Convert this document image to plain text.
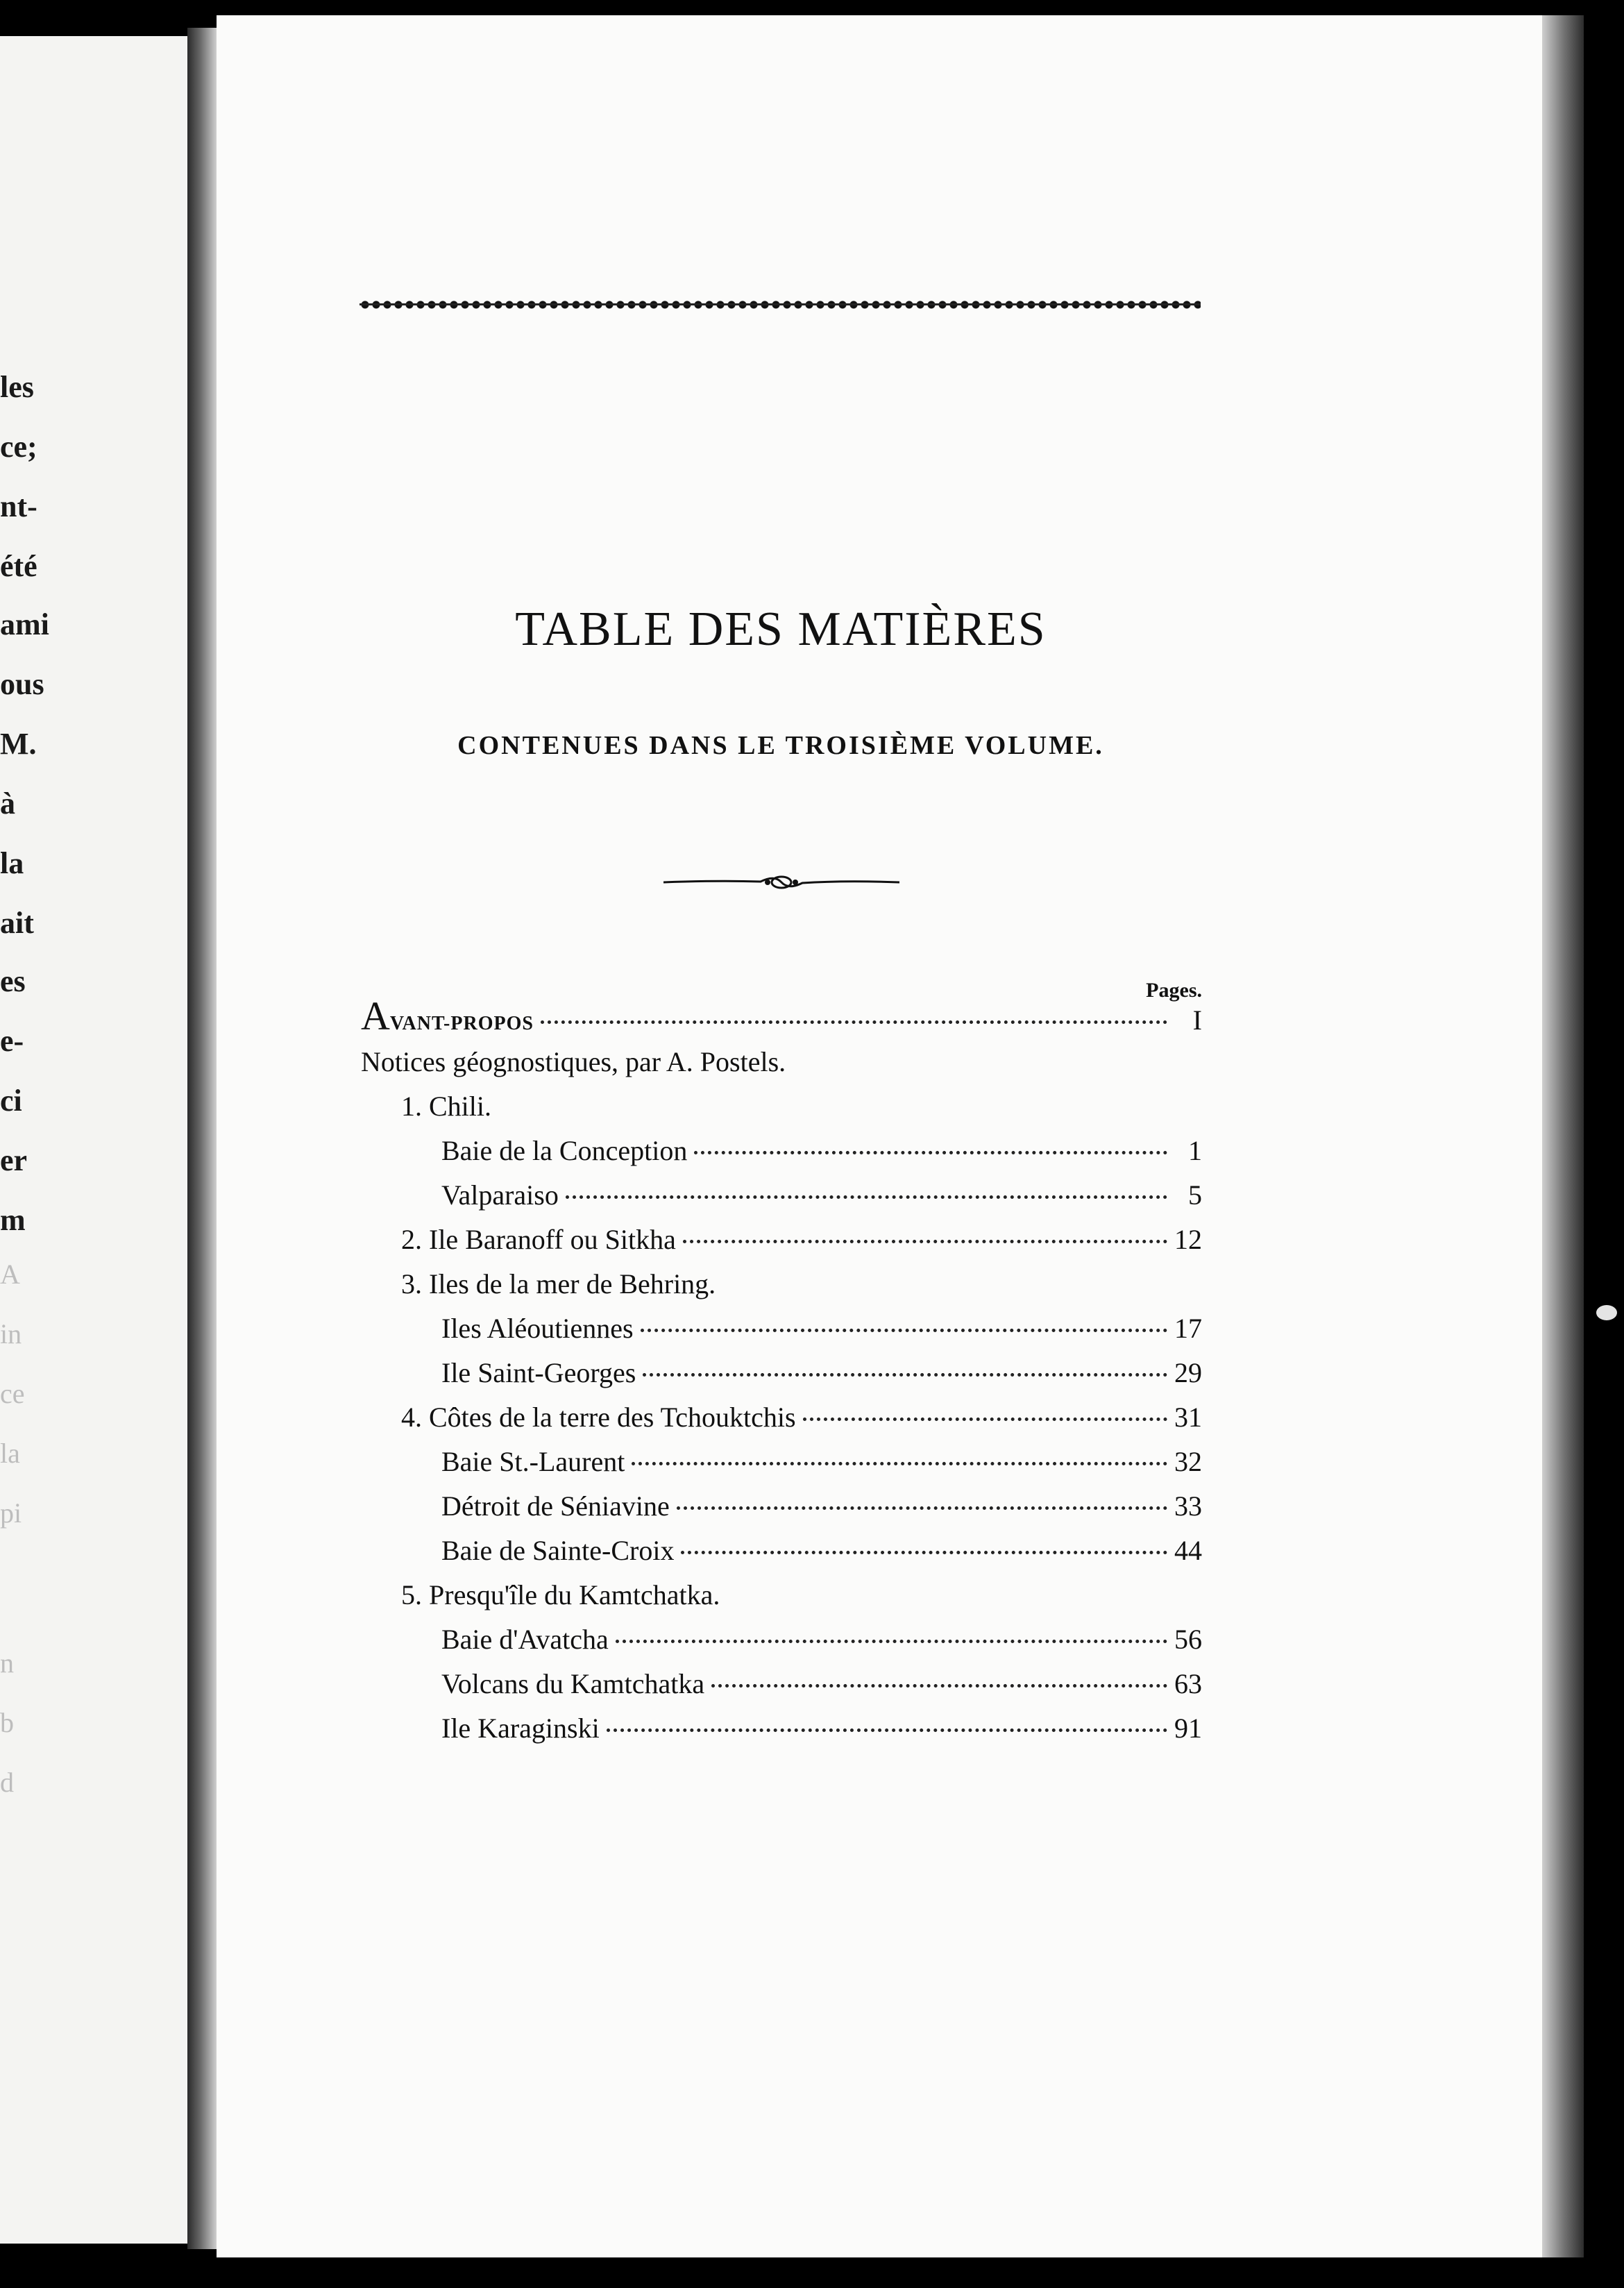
les
ce;
nt-
été
ami
ous
M.
à
la
ait
es
e-
ci
er
m
A
in
ce
la
pi
n
b
d
TABLE DES MATIÈRES
CONTENUES DANS LE TROISIÈME VOLUME.
Pages.
AVANT-PROPOS	I
Notices géognostiques, par A. Postels.
1. Chili.
Baie de la Conception	1
Valparaiso	5
2. Ile Baranoff ou Sitkha	12
3. Iles de la mer de Behring.
Iles Aléoutiennes	17
Ile Saint-Georges	29
4. Côtes de la terre des Tchouktchis	31
Baie St.-Laurent	32
Détroit de Séniavine	33
Baie de Sainte-Croix	44
5. Presqu'île du Kamtchatka.
Baie d'Avatcha	56
Volcans du Kamtchatka	63
Ile Karaginski	91
